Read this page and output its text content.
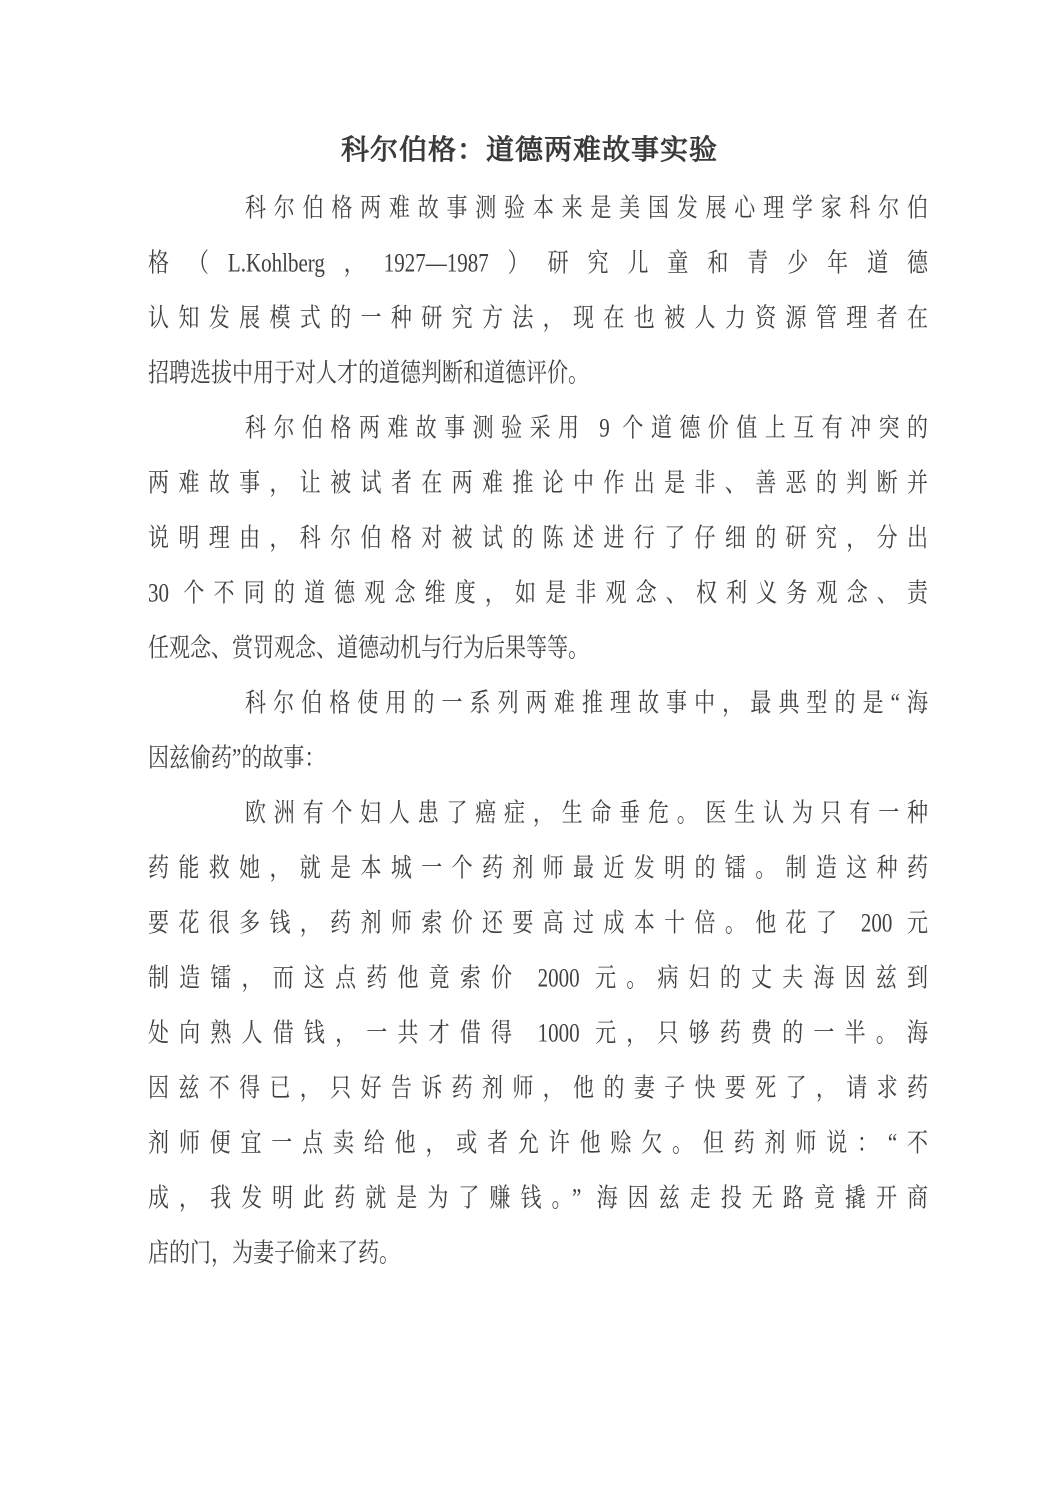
科尔伯格：道德两难故事实验
科尔伯格两难故事测验本来是美国发展心理学家科尔伯
格（L.Kohlberg，1927—1987）研究儿童和青少年道德
认知发展模式的一种研究方法，现在也被人力资源管理者在
招聘选拔中用于对人才的道德判断和道德评价。
科尔伯格两难故事测验采用 9 个道德价值上互有冲突的
两难故事，让被试者在两难推论中作出是非、善恶的判断并
说明理由，科尔伯格对被试的陈述进行了仔细的研究，分出
30 个不同的道德观念维度，如是非观念、权利义务观念、责
任观念、赏罚观念、道德动机与行为后果等等。
科尔伯格使用的一系列两难推理故事中，最典型的是“海
因兹偷药”的故事：
欧洲有个妇人患了癌症，生命垂危。医生认为只有一种
药能救她，就是本城一个药剂师最近发明的镭。制造这种药
要花很多钱，药剂师索价还要高过成本十倍。他花了 200 元
制造镭，而这点药他竟索价 2000 元。病妇的丈夫海因兹到
处向熟人借钱，一共才借得 1000 元，只够药费的一半。海
因兹不得已，只好告诉药剂师，他的妻子快要死了，请求药
剂师便宜一点卖给他，或者允许他赊欠。但药剂师说：“不
成，我发明此药就是为了赚钱。” 海因兹走投无路竟撬开商
店的门，为妻子偷来了药。
